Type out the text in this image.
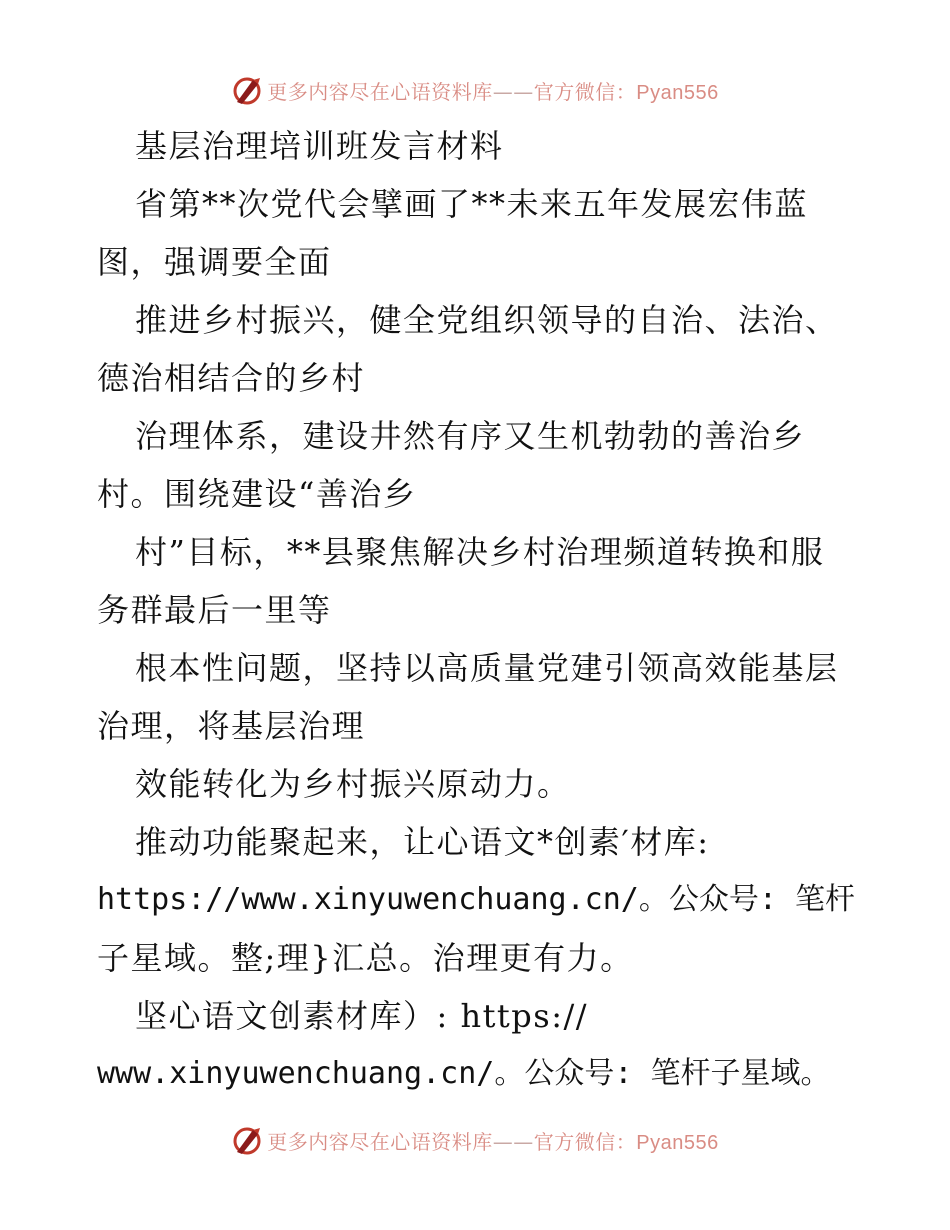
更多内容尽在心语资料库——官方微信：Pyan556
基层治理培训班发言材料
省第**次党代会擘画了**未来五年发展宏伟蓝
图，强调要全面
推进乡村振兴，健全党组织领导的自治、法治、
德治相结合的乡村
治理体系，建设井然有序又生机勃勃的善治乡
村。围绕建设“善治乡
村”目标，**县聚焦解决乡村治理频道转换和服
务群最后一里等
根本性问题，坚持以高质量党建引领高效能基层
治理，将基层治理
效能转化为乡村振兴原动力。
推动功能聚起来，让心语文*创素′材库:
https://www.xinyuwenchuang.cn/。公众号: 笔杆
子星域。整;理}汇总。治理更有力。
坚心语文创素材库）: https://
www.xinyuwenchuang.cn/。公众号: 笔杆子星域。
更多内容尽在心语资料库——官方微信：Pyan556
